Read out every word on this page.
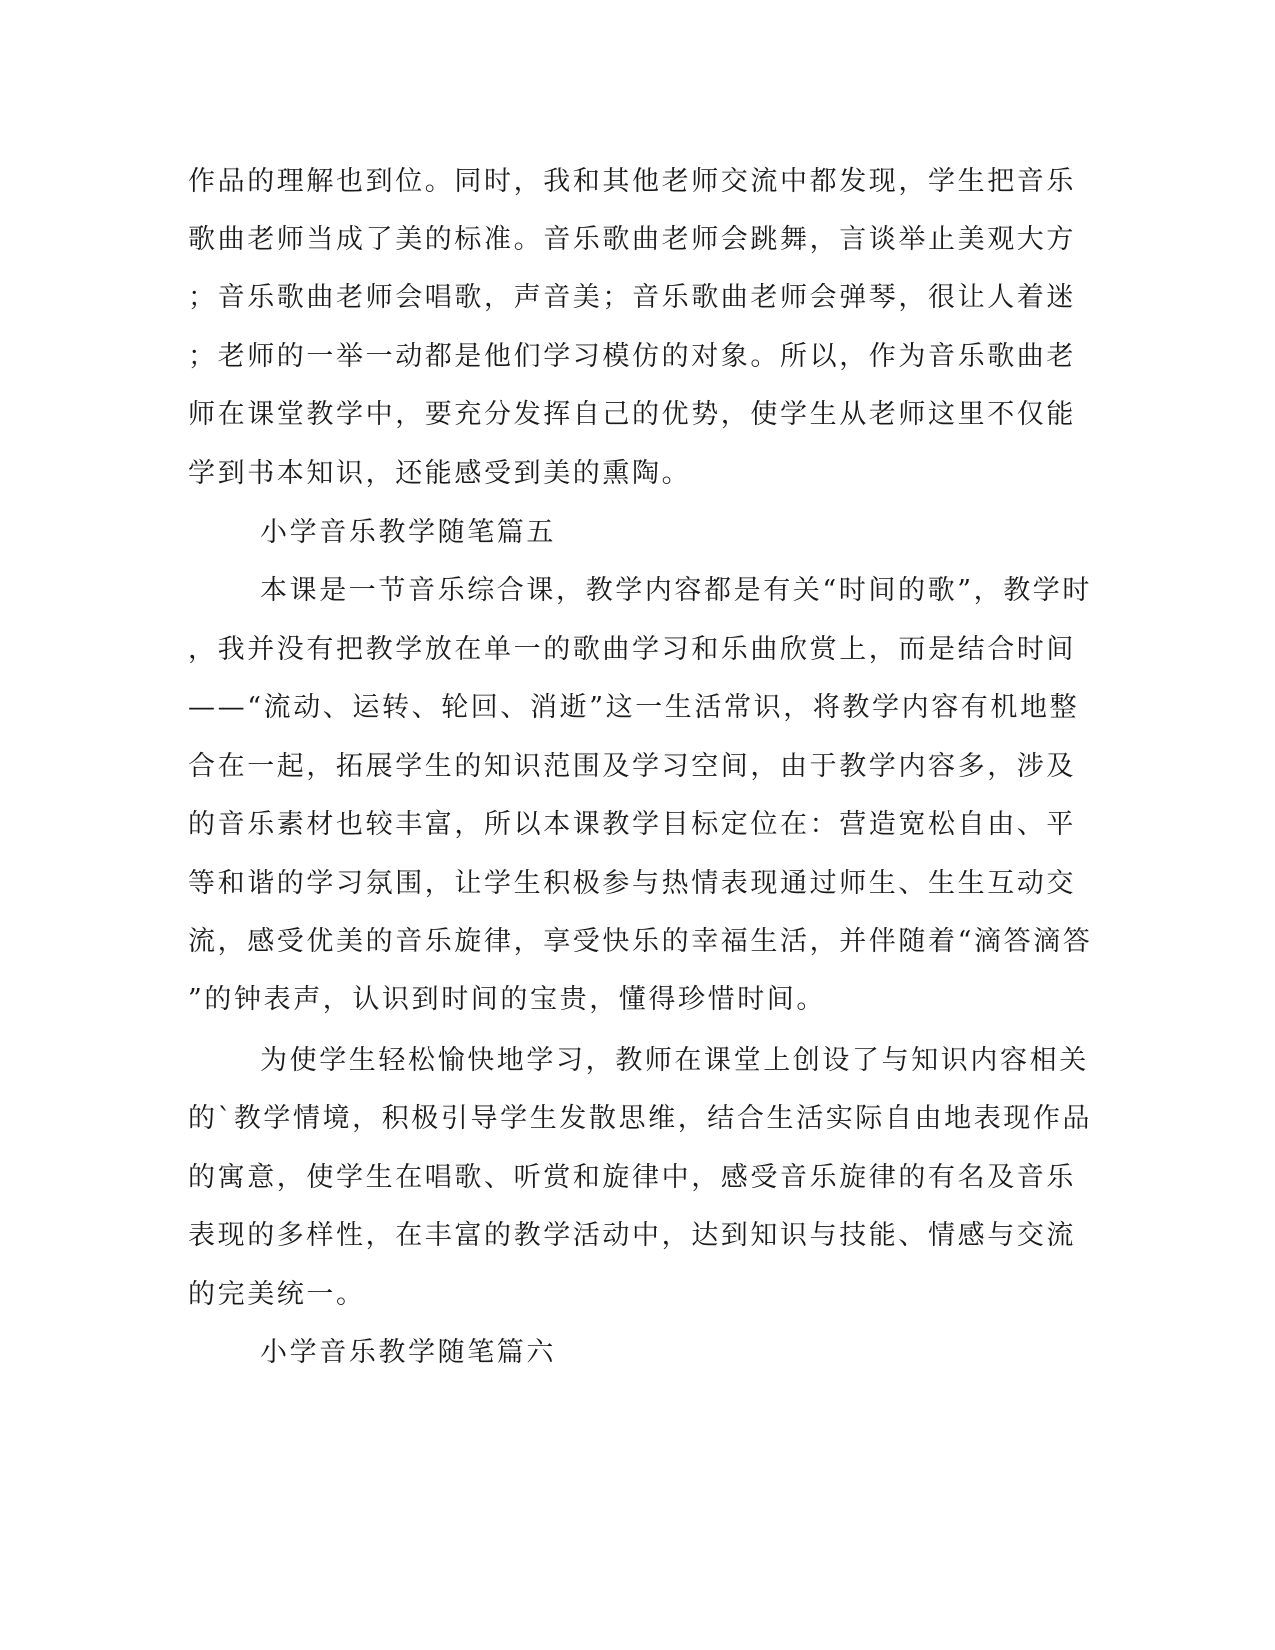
作品的理解也到位。同时，我和其他老师交流中都发现，学生把音乐
歌曲老师当成了美的标准。音乐歌曲老师会跳舞，言谈举止美观大方
；音乐歌曲老师会唱歌，声音美；音乐歌曲老师会弹琴，很让人着迷
；老师的一举一动都是他们学习模仿的对象。所以，作为音乐歌曲老
师在课堂教学中，要充分发挥自己的优势，使学生从老师这里不仅能
学到书本知识，还能感受到美的熏陶。
小学音乐教学随笔篇五
本课是一节音乐综合课，教学内容都是有关“时间的歌”，教学时
，我并没有把教学放在单一的歌曲学习和乐曲欣赏上，而是结合时间
——“流动、运转、轮回、消逝”这一生活常识，将教学内容有机地整
合在一起，拓展学生的知识范围及学习空间，由于教学内容多，涉及
的音乐素材也较丰富，所以本课教学目标定位在：营造宽松自由、平
等和谐的学习氛围，让学生积极参与热情表现通过师生、生生互动交
流，感受优美的音乐旋律，享受快乐的幸福生活，并伴随着“滴答滴答
”的钟表声，认识到时间的宝贵，懂得珍惜时间。
为使学生轻松愉快地学习，教师在课堂上创设了与知识内容相关
的`教学情境，积极引导学生发散思维，结合生活实际自由地表现作品
的寓意，使学生在唱歌、听赏和旋律中，感受音乐旋律的有名及音乐
表现的多样性，在丰富的教学活动中，达到知识与技能、情感与交流
的完美统一。
小学音乐教学随笔篇六
